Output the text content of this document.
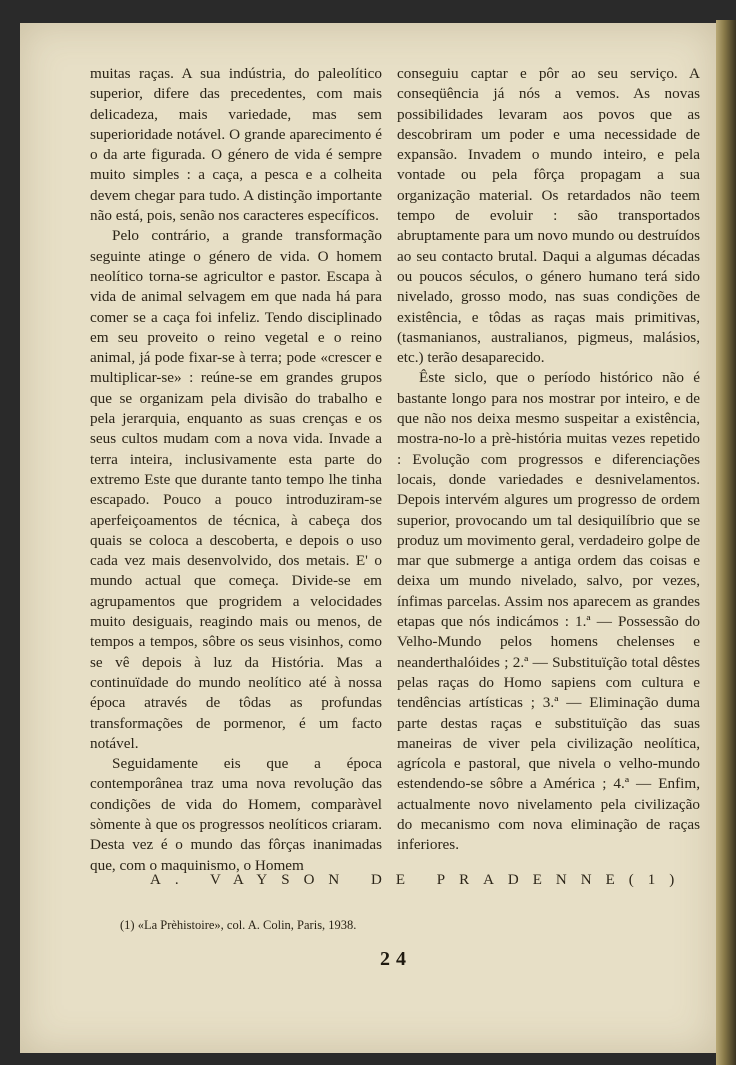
muitas raças. A sua indústria, do paleolítico superior, difere das precedentes, com mais delicadeza, mais variedade, mas sem superioridade notável. O grande aparecimento é o da arte figurada. O género de vida é sempre muito simples : a caça, a pesca e a colheita devem chegar para tudo. A distinção importante não está, pois, senão nos caracteres específicos.

Pelo contrário, a grande transformação seguinte atinge o género de vida. O homem neolítico torna-se agricultor e pastor. Escapa à vida de animal selvagem em que nada há para comer se a caça foi infeliz. Tendo disciplinado em seu proveito o reino vegetal e o reino animal, já pode fixar-se à terra; pode «crescer e multiplicar-se» : reúne-se em grandes grupos que se organizam pela divisão do trabalho e pela jerarquia, enquanto as suas crenças e os seus cultos mudam com a nova vida. Invade a terra inteira, inclusivamente esta parte do extremo Este que durante tanto tempo lhe tinha escapado. Pouco a pouco introduziram-se aperfeiçoamentos de técnica, à cabeça dos quais se coloca a descoberta, e depois o uso cada vez mais desenvolvido, dos metais. E' o mundo actual que começa. Divide-se em agrupamentos que progridem a velocidades muito desiguais, reagindo mais ou menos, de tempos a tempos, sôbre os seus visinhos, como se vê depois à luz da História. Mas a continuïdade do mundo neolítico até à nossa época através de tôdas as profundas transformações de pormenor, é um facto notável.

Seguidamente eis que a época contemporânea traz uma nova revolução das condições de vida do Homem, comparàvel sòmente à que os progressos neolíticos criaram. Desta vez é o mundo das fôrças inanimadas que, com o maquinismo, o Homem

conseguiu captar e pôr ao seu serviço. A conseqüência já nós a vemos. As novas possibilidades levaram aos povos que as descobriram um poder e uma necessidade de expansão. Invadem o mundo inteiro, e pela vontade ou pela fôrça propagam a sua organização material. Os retardados não teem tempo de evoluir : são transportados abruptamente para um novo mundo ou destruídos ao seu contacto brutal. Daqui a algumas décadas ou poucos séculos, o género humano terá sido nivelado, grosso modo, nas suas condições de existência, e tôdas as raças mais primitivas, (tasmanianos, australianos, pigmeus, malásios, etc.) terão desaparecido.

Êste siclo, que o período histórico não é bastante longo para nos mostrar por inteiro, e de que não nos deixa mesmo suspeitar a existência, mostra-no-lo a prè-história muitas vezes repetido : Evolução com progressos e diferenciações locais, donde variedades e desnivelamentos. Depois intervém algures um progresso de ordem superior, provocando um tal desiquilíbrio que se produz um movimento geral, verdadeiro golpe de mar que submerge a antiga ordem das coisas e deixa um mundo nivelado, salvo, por vezes, ínfimas parcelas. Assim nos aparecem as grandes etapas que nós indicámos : 1.ª — Possessão do Velho-Mundo pelos homens chelenses e neanderthalóides ; 2.ª — Substituïção total dêstes pelas raças do Homo sapiens com cultura e tendências artísticas ; 3.ª — Eliminação duma parte destas raças e substituïção das suas maneiras de viver pela civilização neolítica, agrícola e pastoral, que nivela o velho-mundo estendendo-se sôbre a América ; 4.ª — Enfim, actualmente novo nivelamento pela civilização do mecanismo com nova eliminação de raças inferiores.

A. VAYSON DE PRADENNE(1)
(1) «La Prèhistoire», col. A. Colin, Paris, 1938.
24
